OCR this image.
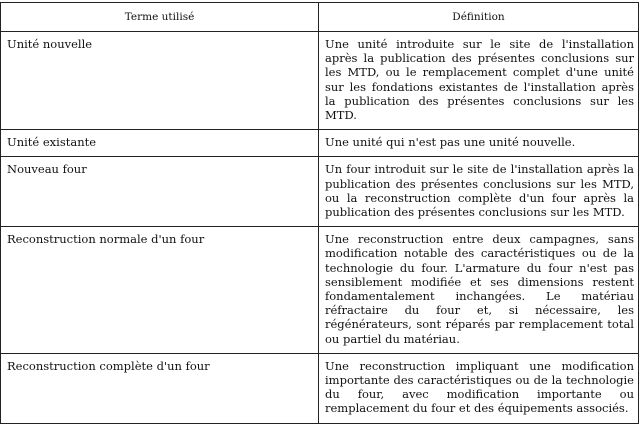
Terme utilisé	Définition
Unité nouvelle	Une unité introduite sur le site de l'installation après la publication des présentes conclusions sur les MTD, ou le remplacement complet d'une unité sur les fondations existantes de l'installation après la publication des présentes conclusions sur les MTD.
Unité existante	Une unité qui n'est pas une unité nouvelle.
Nouveau four	Un four introduit sur le site de l'installation après la publication des présentes conclusions sur les MTD, ou la reconstruction complète d'un four après la publication des présentes conclusions sur les MTD.
Reconstruction normale d'un four	Une reconstruction entre deux campagnes, sans modification notable des caractéristiques ou de la technologie du four. L'armature du four n'est pas sensiblement modifiée et ses dimensions restent fondamentalement inchangées. Le matériau réfractaire du four et, si nécessaire, les régénérateurs, sont réparés par remplacement total ou partiel du matériau.
Reconstruction complète d'un four	Une reconstruction impliquant une modification importante des caractéristiques ou de la technologie du four, avec modification importante ou remplacement du four et des équipements associés.
